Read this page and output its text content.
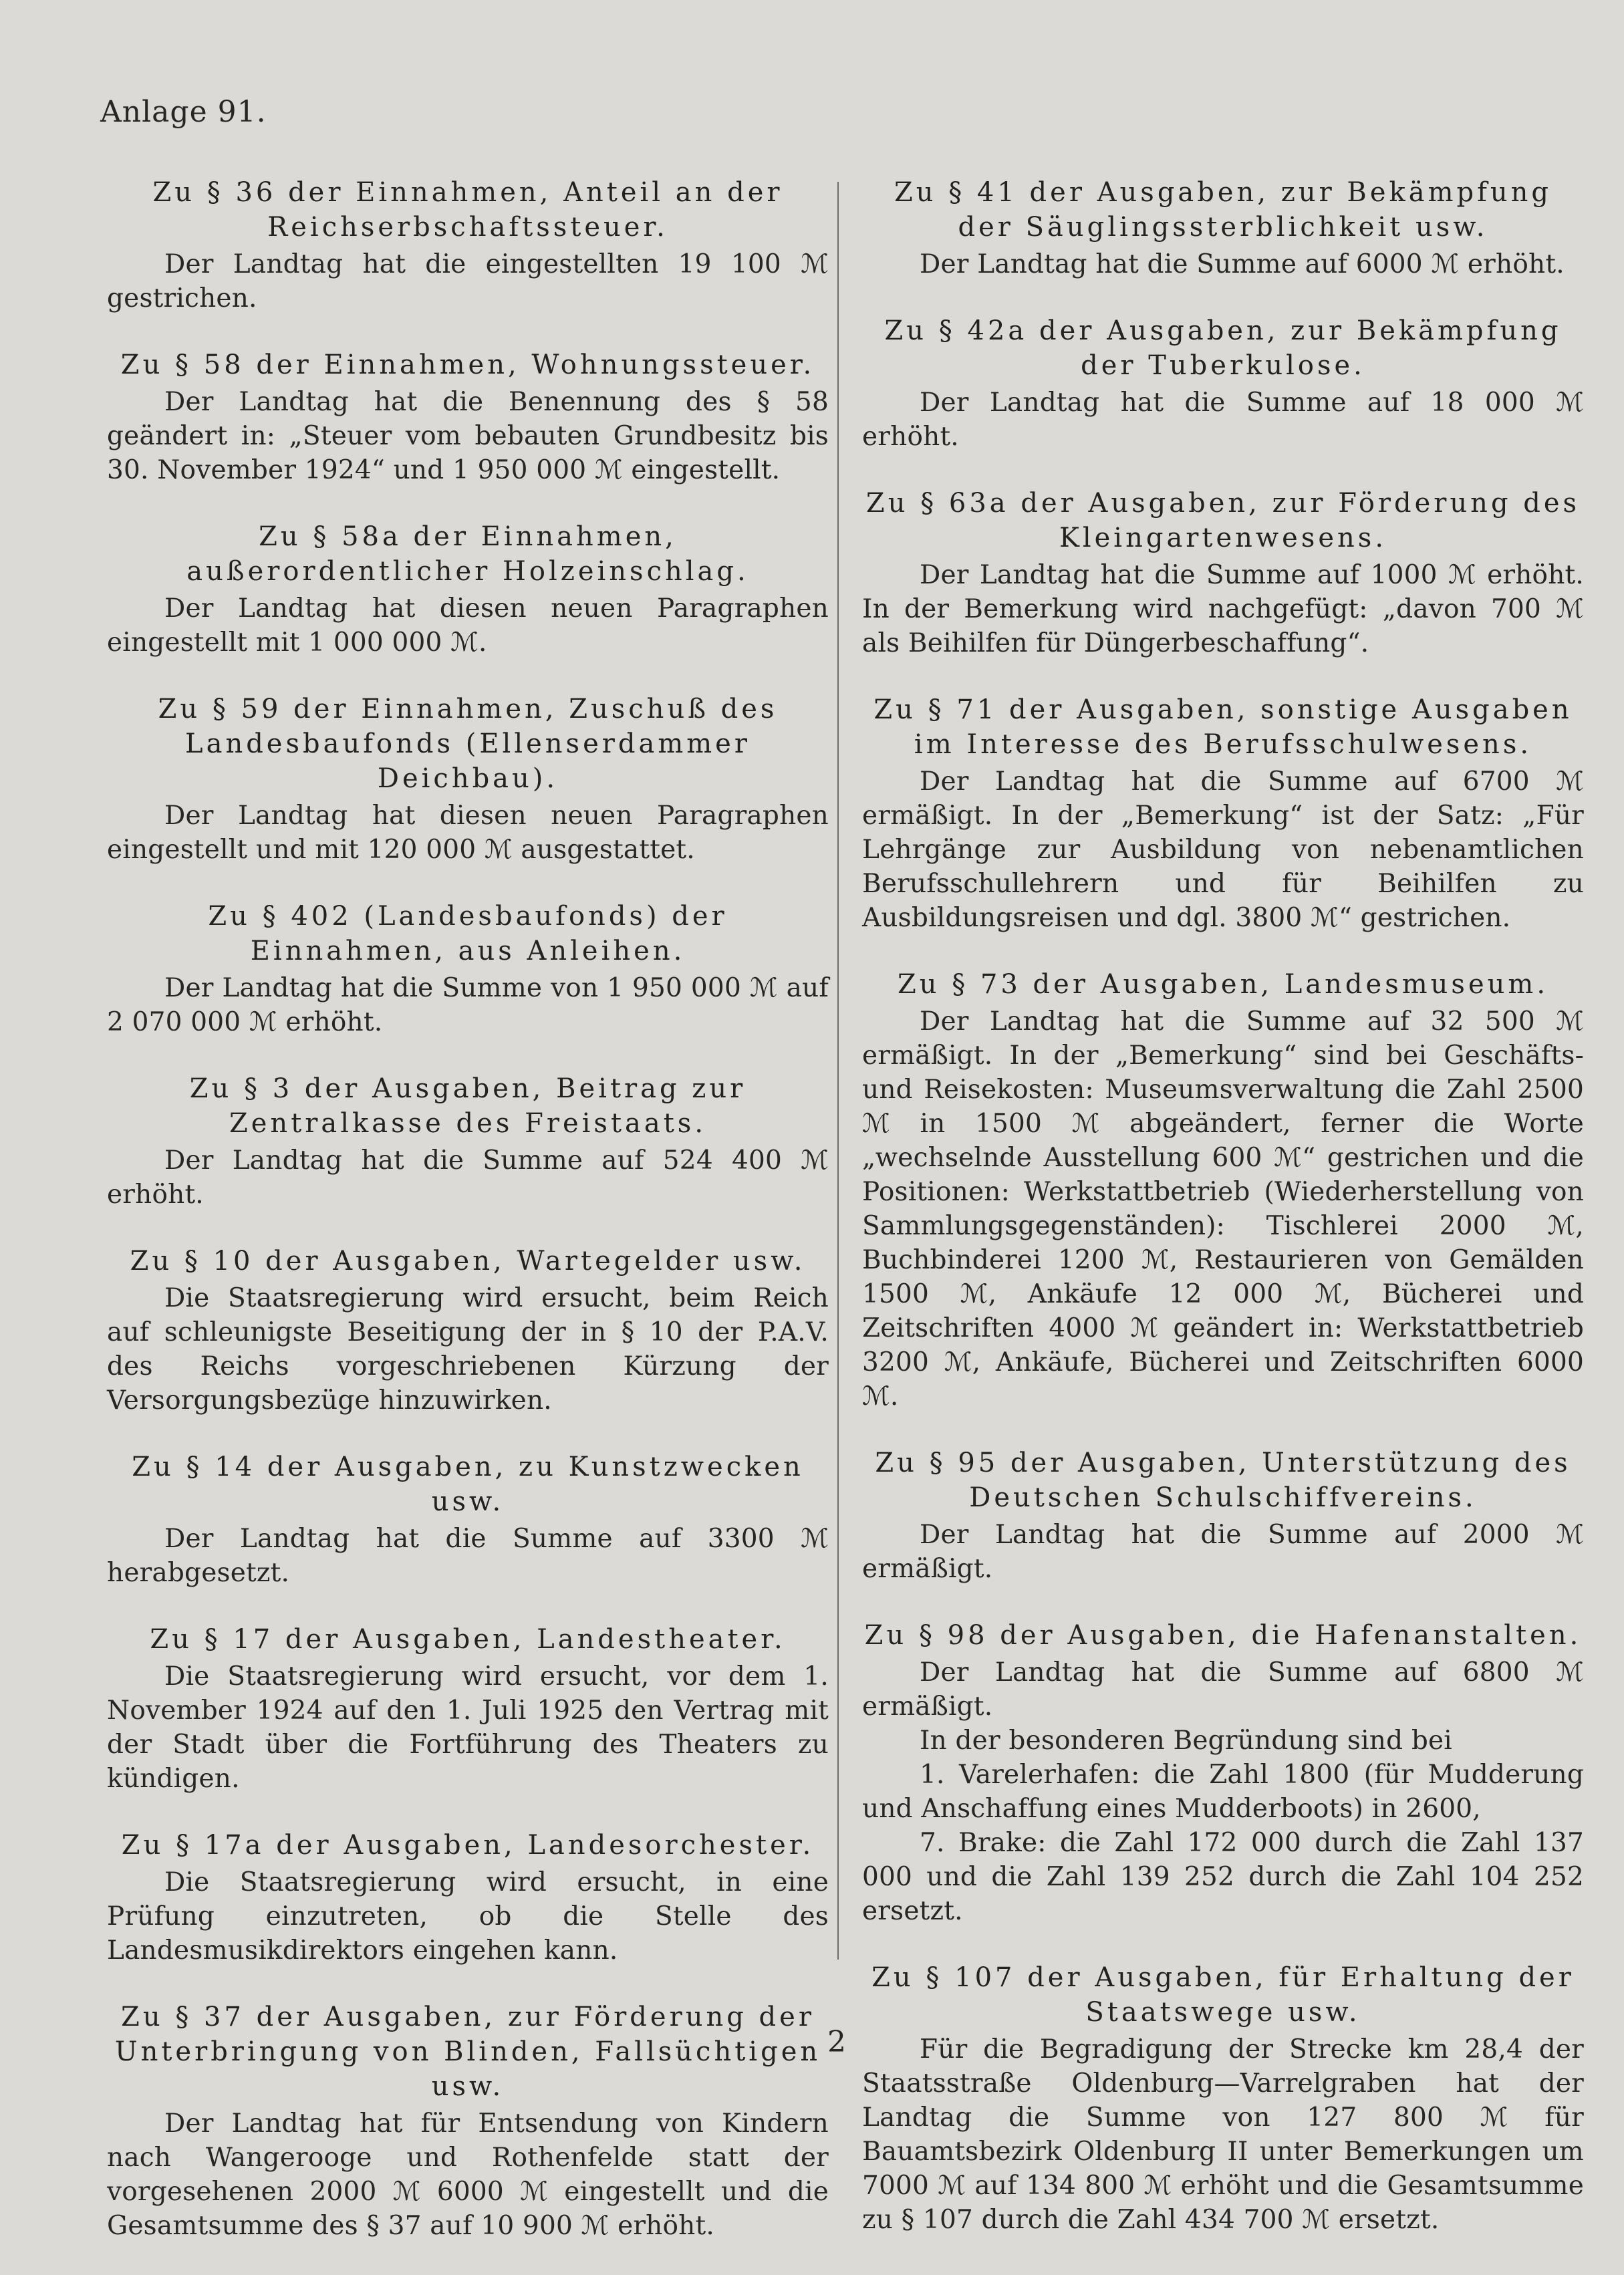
Anlage 91.
Zu § 36 der Einnahmen, Anteil an der Reichserbschaftssteuer.

Der Landtag hat die eingestellten 19 100 ℳ gestrichen.

Zu § 58 der Einnahmen, Wohnungssteuer.

Der Landtag hat die Benennung des § 58 geändert in: „Steuer vom bebauten Grundbesitz bis 30. November 1924“ und 1 950 000 ℳ eingestellt.

Zu § 58a der Einnahmen, außerordentlicher Holzeinschlag.

Der Landtag hat diesen neuen Paragraphen eingestellt mit 1 000 000 ℳ.

Zu § 59 der Einnahmen, Zuschuß des Landesbaufonds (Ellenserdammer Deichbau).

Der Landtag hat diesen neuen Paragraphen eingestellt und mit 120 000 ℳ ausgestattet.

Zu § 402 (Landesbaufonds) der Einnahmen, aus Anleihen.

Der Landtag hat die Summe von 1 950 000 ℳ auf 2 070 000 ℳ erhöht.

Zu § 3 der Ausgaben, Beitrag zur Zentralkasse des Freistaats.

Der Landtag hat die Summe auf 524 400 ℳ erhöht.

Zu § 10 der Ausgaben, Wartegelder usw.

Die Staatsregierung wird ersucht, beim Reich auf schleunigste Beseitigung der in § 10 der P.A.V. des Reichs vorgeschriebenen Kürzung der Versorgungsbezüge hinzuwirken.

Zu § 14 der Ausgaben, zu Kunstzwecken usw.

Der Landtag hat die Summe auf 3300 ℳ herabgesetzt.

Zu § 17 der Ausgaben, Landestheater.

Die Staatsregierung wird ersucht, vor dem 1. November 1924 auf den 1. Juli 1925 den Vertrag mit der Stadt über die Fortführung des Theaters zu kündigen.

Zu § 17a der Ausgaben, Landesorchester.

Die Staatsregierung wird ersucht, in eine Prüfung einzutreten, ob die Stelle des Landesmusikdirektors eingehen kann.

Zu § 37 der Ausgaben, zur Förderung der Unterbringung von Blinden, Fallsüchtigen usw.

Der Landtag hat für Entsendung von Kindern nach Wangerooge und Rothenfelde statt der vorgesehenen 2000 ℳ 6000 ℳ eingestellt und die Gesamtsumme des § 37 auf 10 900 ℳ erhöht.

Zu § 41 der Ausgaben, zur Bekämpfung der Säuglingssterblichkeit usw.

Der Landtag hat die Summe auf 6000 ℳ erhöht.

Zu § 42a der Ausgaben, zur Bekämpfung der Tuberkulose.

Der Landtag hat die Summe auf 18 000 ℳ erhöht.

Zu § 63a der Ausgaben, zur Förderung des Kleingartenwesens.

Der Landtag hat die Summe auf 1000 ℳ erhöht. In der Bemerkung wird nachgefügt: „davon 700 ℳ als Beihilfen für Düngerbeschaffung“.

Zu § 71 der Ausgaben, sonstige Ausgaben im Interesse des Berufsschulwesens.

Der Landtag hat die Summe auf 6700 ℳ ermäßigt. In der „Bemerkung“ ist der Satz: „Für Lehrgänge zur Ausbildung von nebenamtlichen Berufsschullehrern und für Beihilfen zu Ausbildungsreisen und dgl. 3800 ℳ“ gestrichen.

Zu § 73 der Ausgaben, Landesmuseum.

Der Landtag hat die Summe auf 32 500 ℳ ermäßigt. In der „Bemerkung“ sind bei Geschäfts- und Reisekosten: Museumsverwaltung die Zahl 2500 ℳ in 1500 ℳ abgeändert, ferner die Worte „wechselnde Ausstellung 600 ℳ“ gestrichen und die Positionen: Werkstattbetrieb (Wiederherstellung von Sammlungsgegenständen): Tischlerei 2000 ℳ, Buchbinderei 1200 ℳ, Restaurieren von Gemälden 1500 ℳ, Ankäufe 12 000 ℳ, Bücherei und Zeitschriften 4000 ℳ geändert in: Werkstattbetrieb 3200 ℳ, Ankäufe, Bücherei und Zeitschriften 6000 ℳ.

Zu § 95 der Ausgaben, Unterstützung des Deutschen Schulschiffvereins.

Der Landtag hat die Summe auf 2000 ℳ ermäßigt.

Zu § 98 der Ausgaben, die Hafenanstalten.

Der Landtag hat die Summe auf 6800 ℳ ermäßigt.

In der besonderen Begründung sind bei

1. Varelerhafen: die Zahl 1800 (für Mudderung und Anschaffung eines Mudderboots) in 2600,

7. Brake: die Zahl 172 000 durch die Zahl 137 000 und die Zahl 139 252 durch die Zahl 104 252 ersetzt.

Zu § 107 der Ausgaben, für Erhaltung der Staatswege usw.

Für die Begradigung der Strecke km 28,4 der Staatsstraße Oldenburg—Varrelgraben hat der Landtag die Summe von 127 800 ℳ für Bauamtsbezirk Oldenburg II unter Bemerkungen um 7000 ℳ auf 134 800 ℳ erhöht und die Gesamtsumme zu § 107 durch die Zahl 434 700 ℳ ersetzt.

2
